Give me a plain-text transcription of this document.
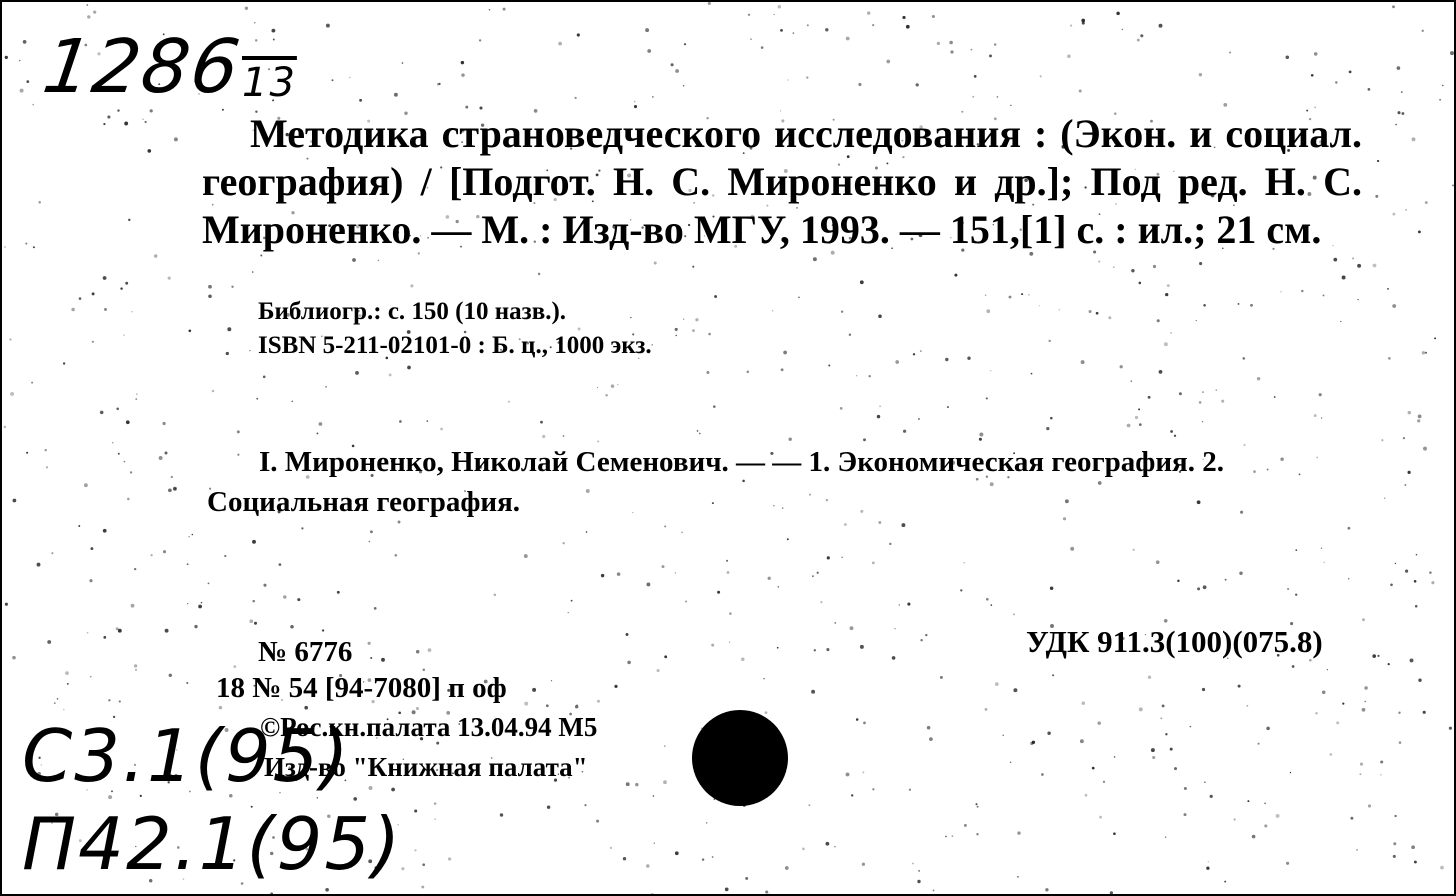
1286
13
Методика страноведческого исследования : (Экон. и социал. география) / [Подгот. Н. С. Мироненко и др.]; Под ред. Н. С. Мироненко. — М. : Изд-во МГУ, 1993. — 151,[1] с. : ил.; 21 см.
Библиогр.: с. 150 (10 назв.).
ISBN 5-211-02101-0 : Б. ц., 1000 экз.
I. Мироненко, Николай Семенович. — — 1. Экономическая география. 2. Социальная география.
№ 6776	УДК 911.3(100)(075.8)
18 № 54 [94-7080] п оф
©Рос.кн.палата 13.04.94 М5
Изд-во "Книжная палата"
С3.1(95)
П42.1(95)
